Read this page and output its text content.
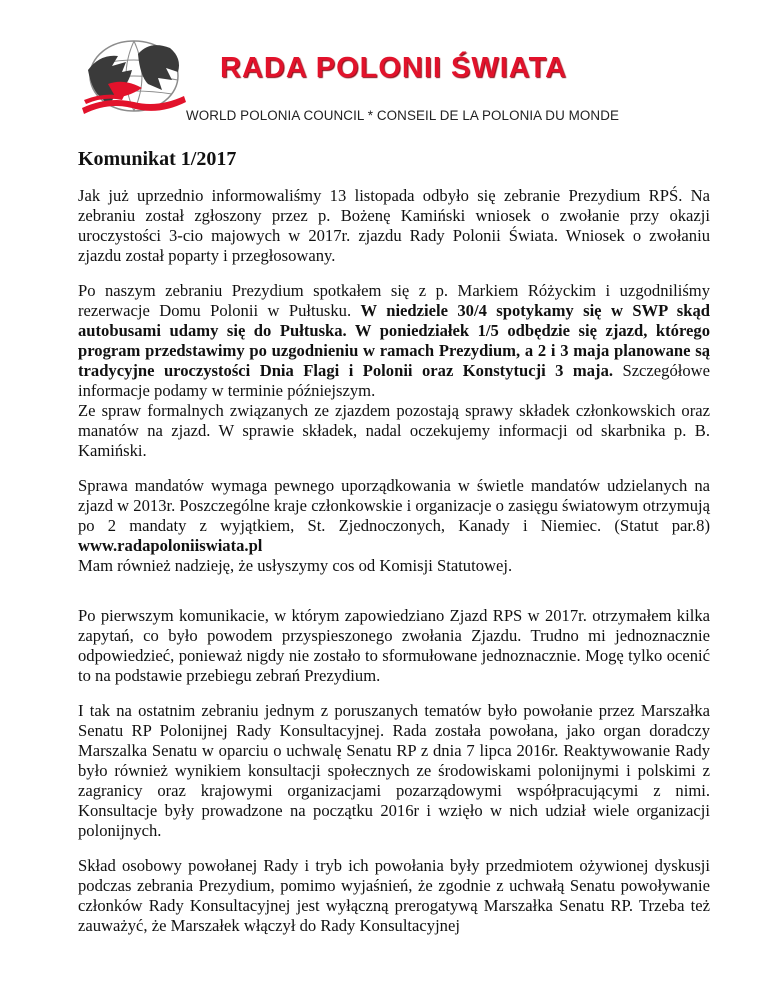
RADA POLONII ŚWIATA
WORLD POLONIA COUNCIL * CONSEIL DE LA POLONIA DU MONDE
Komunikat 1/2017

Jak już uprzednio informowaliśmy 13 listopada odbyło się zebranie Prezydium RPŚ. Na zebraniu został zgłoszony przez p. Bożenę Kamiński wniosek o zwołanie przy okazji uroczystości 3-cio majowych w 2017r. zjazdu Rady Polonii Świata. Wniosek o zwołaniu zjazdu został poparty i przegłosowany.

Po naszym zebraniu Prezydium spotkałem się z p. Markiem Różyckim i uzgodniliśmy rezerwacje Domu Polonii w Pułtusku. W niedziele 30/4 spotykamy się w SWP skąd autobusami udamy się do Pułtuska. W poniedziałek 1/5 odbędzie się zjazd, którego program przedstawimy po uzgodnieniu w ramach Prezydium, a 2 i 3 maja planowane są tradycyjne uroczystości Dnia Flagi i Polonii oraz Konstytucji 3 maja. Szczegółowe informacje podamy w terminie późniejszym.
Ze spraw formalnych związanych ze zjazdem pozostają sprawy składek członkowskich oraz manatów na zjazd. W sprawie składek, nadal oczekujemy informacji od skarbnika p. B. Kamiński.

Sprawa mandatów wymaga pewnego uporządkowania w świetle mandatów udzielanych na zjazd w 2013r. Poszczególne kraje członkowskie i organizacje o zasięgu światowym otrzymują po 2 mandaty z wyjątkiem, St. Zjednoczonych, Kanady i Niemiec. (Statut par.8) www.radapoloniiswiata.pl
Mam również nadzieję, że usłyszymy cos od Komisji Statutowej.

Po pierwszym komunikacie, w którym zapowiedziano Zjazd RPS w 2017r. otrzymałem kilka zapytań, co było powodem przyspieszonego zwołania Zjazdu. Trudno mi jednoznacznie odpowiedzieć, ponieważ nigdy nie zostało to sformułowane jednoznacznie. Mogę tylko ocenić to na podstawie przebiegu zebrań Prezydium.

I tak na ostatnim zebraniu jednym z poruszanych tematów było powołanie przez Marszałka Senatu RP Polonijnej Rady Konsultacyjnej. Rada została powołana, jako organ doradczy Marszalka Senatu w oparciu o uchwalę Senatu RP z dnia 7 lipca 2016r. Reaktywowanie Rady było również wynikiem konsultacji społecznych ze środowiskami polonijnymi i polskimi z zagranicy oraz krajowymi organizacjami pozarządowymi współpracującymi z nimi. Konsultacje były prowadzone na początku 2016r i wzięło w nich udział wiele organizacji polonijnych.

Skład osobowy powołanej Rady i tryb ich powołania były przedmiotem ożywionej dyskusji podczas zebrania Prezydium, pomimo wyjaśnień, że zgodnie z uchwałą Senatu powoływanie członków Rady Konsultacyjnej jest wyłączną prerogatywą Marszałka Senatu RP. Trzeba też zauważyć, że Marszałek włączył do Rady Konsultacyjnej
